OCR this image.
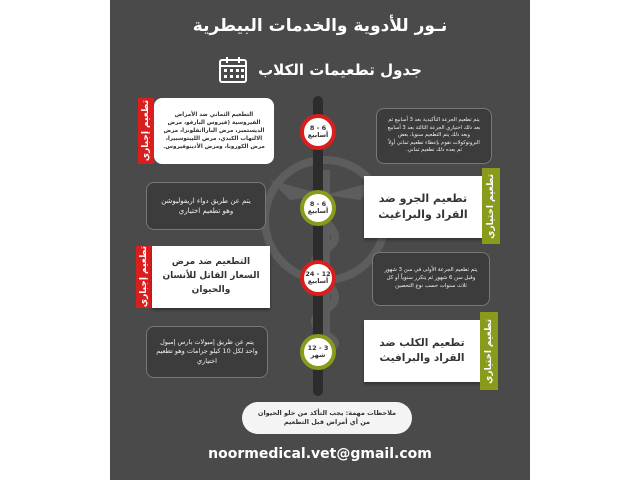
نـور للأدوية والخدمات البيطرية
جدول تطعيمات الكلاب
تطعيم إجباري	التطعيم الثماني ضد الأمراض الفيروسية (فيروس البارفو، مرض الديستمبر، مرض الباراانفلونزا، مرض الالتهاب الكبدي، مرض الليبتوسبيرا، مرض الكورونا، ومرض الأدينوفيروس.
6 - 8 أسابيع
يتم تطعيم الجرعة التأكيدية بعد 3 أسابيع ثم بعد ذلك اختياري الجرعة الثالثة بعد 3 أسابيع وبعد ذلك يتم التطعيم سنويا، بعض البروتوكولات تقوم بإعطاء تطعيم ثماني أولاً ثم بعده ذلك تطعيم ثماني.
يتم عن طريق دواء اريفوليوشن وهو تطعيم اختياري
6 - 8 أسابيع
تطعيم الجرو ضد القراد والبراغيث	تطعيم اختياري
تطعيم إجباري	التطعيم ضد مرض السعار القاتل للأنسان والحيوان
12 - 24 أسابيع
يتم تطعيم الجرعة الأولى في سن 3 شهور وقبل سن 6 شهور ثم يتكرر سنوياً أو كل ثلاث سنوات حسب نوع التحصين
يتم عن طريق إمبولات بارس إمبول واحد لكل 10 كيلو جرامات وهو تطعيم اختياري
3 - 12 شهر
تطعيم الكلب ضد القراد والبرافيث	تطعيم اختياري
ملاحظات مهمة: يجب التأكد من خلو الحيوان من أي أمراض قبل التطعيم
noormedical.vet@gmail.com
